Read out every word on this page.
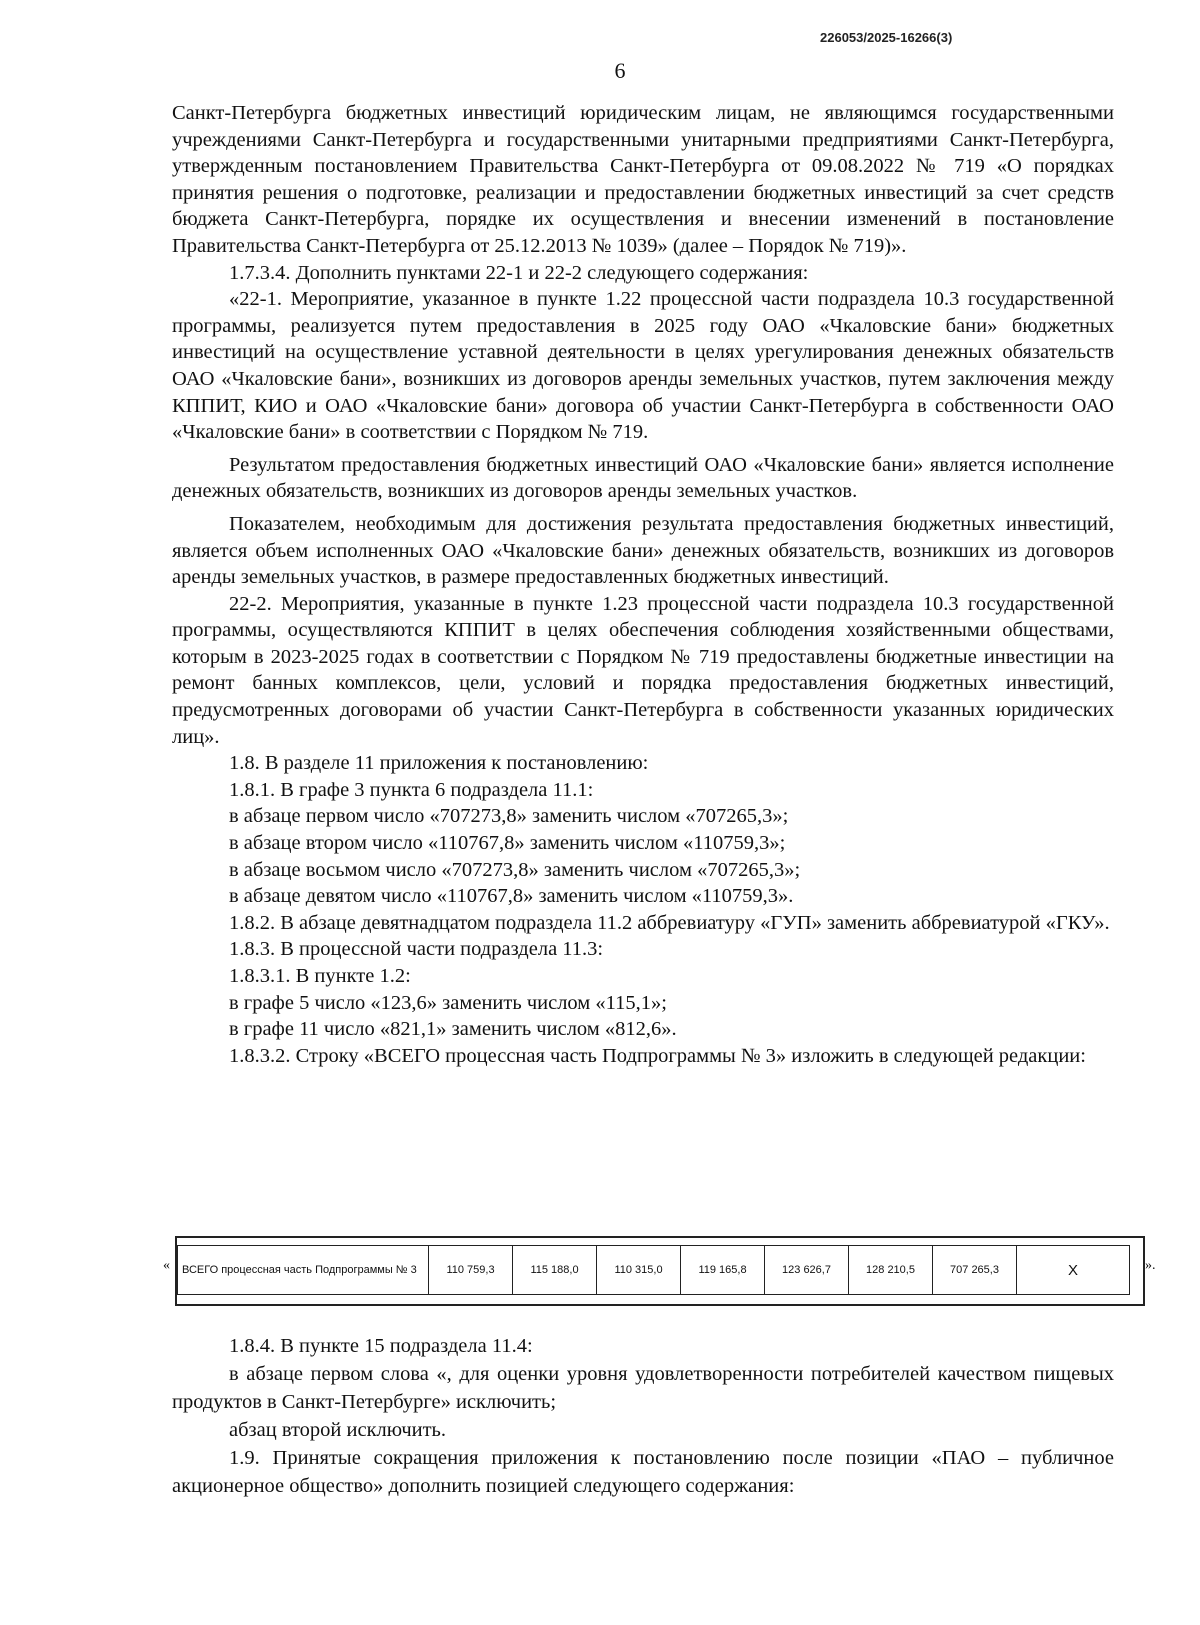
226053/2025-16266(3)
6

Санкт-Петербурга бюджетных инвестиций юридическим лицам, не являющимся государственными учреждениями Санкт-Петербурга и государственными унитарными предприятиями Санкт-Петербурга, утвержденным постановлением Правительства Санкт-Петербурга от 09.08.2022 № 719 «О порядках принятия решения о подготовке, реализации и предоставлении бюджетных инвестиций за счет средств бюджета Санкт-Петербурга, порядке их осуществления и внесении изменений в постановление Правительства Санкт-Петербурга от 25.12.2013 № 1039» (далее – Порядок № 719)».

1.7.3.4. Дополнить пунктами 22-1 и 22-2 следующего содержания:

«22-1. Мероприятие, указанное в пункте 1.22 процессной части подраздела 10.3 государственной программы, реализуется путем предоставления в 2025 году ОАО «Чкаловские бани» бюджетных инвестиций на осуществление уставной деятельности в целях урегулирования денежных обязательств ОАО «Чкаловские бани», возникших из договоров аренды земельных участков, путем заключения между КППИТ, КИО и ОАО «Чкаловские бани» договора об участии Санкт-Петербурга в собственности ОАО «Чкаловские бани» в соответствии с Порядком № 719.

Результатом предоставления бюджетных инвестиций ОАО «Чкаловские бани» является исполнение денежных обязательств, возникших из договоров аренды земельных участков.

Показателем, необходимым для достижения результата предоставления бюджетных инвестиций, является объем исполненных ОАО «Чкаловские бани» денежных обязательств, возникших из договоров аренды земельных участков, в размере предоставленных бюджетных инвестиций.

22-2. Мероприятия, указанные в пункте 1.23 процессной части подраздела 10.3 государственной программы, осуществляются КППИТ в целях обеспечения соблюдения хозяйственными обществами, которым в 2023-2025 годах в соответствии с Порядком № 719 предоставлены бюджетные инвестиции на ремонт банных комплексов, цели, условий и порядка предоставления бюджетных инвестиций, предусмотренных договорами об участии Санкт-Петербурга в собственности указанных юридических лиц».

1.8. В разделе 11 приложения к постановлению:

1.8.1. В графе 3 пункта 6 подраздела 11.1:

в абзаце первом число «707273,8» заменить числом «707265,3»;

в абзаце втором число «110767,8» заменить числом «110759,3»;

в абзаце восьмом число «707273,8» заменить числом «707265,3»;

в абзаце девятом число «110767,8» заменить числом «110759,3».

1.8.2. В абзаце девятнадцатом подраздела 11.2 аббревиатуру «ГУП» заменить аббревиатурой «ГКУ».

1.8.3. В процессной части подраздела 11.3:

1.8.3.1. В пункте 1.2:

в графе 5 число «123,6» заменить числом «115,1»;

в графе 11 число «821,1» заменить числом «812,6».

1.8.3.2. Строку «ВСЕГО процессная часть Подпрограммы № 3» изложить в следующей редакции:

« ВСЕГО процессная часть Подпрограммы № 3	110 759,3	115 188,0	110 315,0	119 165,8	123 626,7	128 210,5	707 265,3	X	».

1.8.4. В пункте 15 подраздела 11.4:

в абзаце первом слова «, для оценки уровня удовлетворенности потребителей качеством пищевых продуктов в Санкт-Петербурге» исключить;

абзац второй исключить.

1.9. Принятые сокращения приложения к постановлению после позиции «ПАО – публичное акционерное общество» дополнить позицией следующего содержания:
